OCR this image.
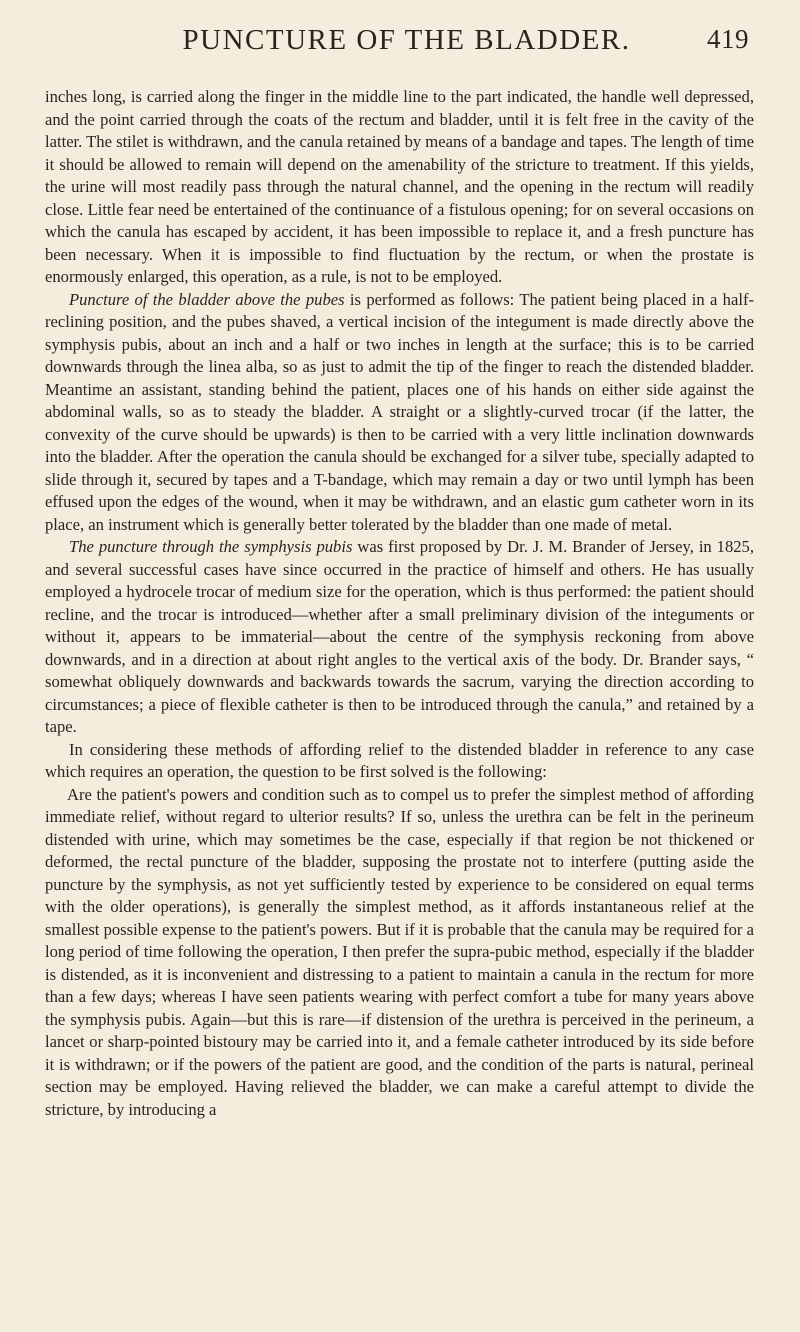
PUNCTURE OF THE BLADDER.	419

inches long, is carried along the finger in the middle line to the part indicated, the handle well depressed, and the point carried through the coats of the rectum and bladder, until it is felt free in the cavity of the latter. The stilet is withdrawn, and the canula retained by means of a bandage and tapes. The length of time it should be allowed to remain will depend on the amenability of the stricture to treatment. If this yields, the urine will most readily pass through the natural channel, and the opening in the rectum will readily close. Little fear need be entertained of the continuance of a fistulous opening; for on several occasions on which the canula has escaped by accident, it has been impossible to replace it, and a fresh puncture has been necessary. When it is impossible to find fluctuation by the rectum, or when the prostate is enormously enlarged, this operation, as a rule, is not to be employed.

Puncture of the bladder above the pubes is performed as follows: The patient being placed in a half-reclining position, and the pubes shaved, a vertical incision of the integument is made directly above the symphysis pubis, about an inch and a half or two inches in length at the surface; this is to be carried downwards through the linea alba, so as just to admit the tip of the finger to reach the distended bladder. Meantime an assistant, standing behind the patient, places one of his hands on either side against the abdominal walls, so as to steady the bladder. A straight or a slightly-curved trocar (if the latter, the convexity of the curve should be upwards) is then to be carried with a very little inclination downwards into the bladder. After the operation the canula should be exchanged for a silver tube, specially adapted to slide through it, secured by tapes and a T-bandage, which may remain a day or two until lymph has been effused upon the edges of the wound, when it may be withdrawn, and an elastic gum catheter worn in its place, an instrument which is generally better tolerated by the bladder than one made of metal.

The puncture through the symphysis pubis was first proposed by Dr. J. M. Brander of Jersey, in 1825, and several successful cases have since occurred in the practice of himself and others. He has usually employed a hydrocele trocar of medium size for the operation, which is thus performed: the patient should recline, and the trocar is introduced—whether after a small preliminary division of the integuments or without it, appears to be immaterial—about the centre of the symphysis reckoning from above downwards, and in a direction at about right angles to the vertical axis of the body. Dr. Brander says, “ somewhat obliquely downwards and backwards towards the sacrum, varying the direction according to circumstances; a piece of flexible catheter is then to be introduced through the canula,” and retained by a tape.

In considering these methods of affording relief to the distended bladder in reference to any case which requires an operation, the question to be first solved is the following:

Are the patient's powers and condition such as to compel us to prefer the simplest method of affording immediate relief, without regard to ulterior results? If so, unless the urethra can be felt in the perineum distended with urine, which may sometimes be the case, especially if that region be not thickened or deformed, the rectal puncture of the bladder, supposing the prostate not to interfere (putting aside the puncture by the symphysis, as not yet sufficiently tested by experience to be considered on equal terms with the older operations), is generally the simplest method, as it affords instantaneous relief at the smallest possible expense to the patient's powers. But if it is probable that the canula may be required for a long period of time following the operation, I then prefer the supra-pubic method, especially if the bladder is distended, as it is inconvenient and distressing to a patient to maintain a canula in the rectum for more than a few days; whereas I have seen patients wearing with perfect comfort a tube for many years above the symphysis pubis. Again—but this is rare—if distension of the urethra is perceived in the perineum, a lancet or sharp-pointed bistoury may be carried into it, and a female catheter introduced by its side before it is withdrawn; or if the powers of the patient are good, and the condition of the parts is natural, perineal section may be employed. Having relieved the bladder, we can make a careful attempt to divide the stricture, by introducing a
